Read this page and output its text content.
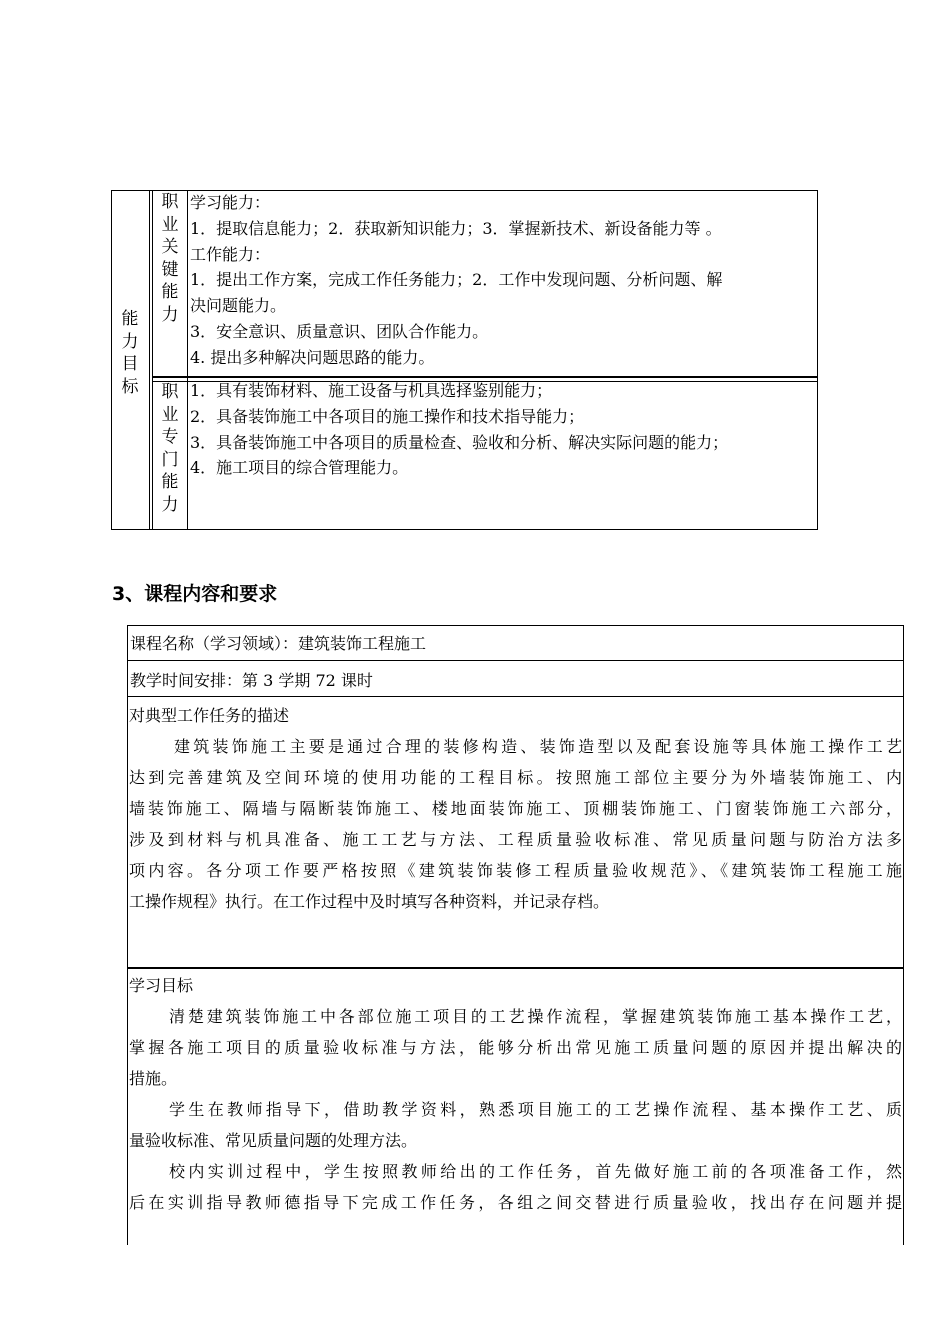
能
力
目
标
职
业
关
键
能
力
学习能力：
1．提取信息能力；2．获取新知识能力；3．掌握新技术、新设备能力等 。
工作能力：
1．提出工作方案，完成工作任务能力；2．工作中发现问题、分析问题、解
决问题能力。
3．安全意识、质量意识、团队合作能力。
4. 提出多种解决问题思路的能力。
职
业
专
门
能
力
1．具有装饰材料、施工设备与机具选择鉴别能力；
2．具备装饰施工中各项目的施工操作和技术指导能力；
3．具备装饰施工中各项目的质量检查、验收和分析、解决实际问题的能力；
4．施工项目的综合管理能力。
3、课程内容和要求
课程名称（学习领域）：建筑装饰工程施工
教学时间安排：第 3 学期 72 课时
对典型工作任务的描述
建筑装饰施工主要是通过合理的装修构造、装饰造型以及配套设施等具体施工操作工艺
达到完善建筑及空间环境的使用功能的工程目标。按照施工部位主要分为外墙装饰施工、内
墙装饰施工、隔墙与隔断装饰施工、楼地面装饰施工、顶棚装饰施工、门窗装饰施工六部分，
涉及到材料与机具准备、施工工艺与方法、工程质量验收标准、常见质量问题与防治方法多
项内容。各分项工作要严格按照《建筑装饰装修工程质量验收规范》、《建筑装饰工程施工施
工操作规程》执行。在工作过程中及时填写各种资料，并记录存档。
学习目标
清楚建筑装饰施工中各部位施工项目的工艺操作流程，掌握建筑装饰施工基本操作工艺，
掌握各施工项目的质量验收标准与方法，能够分析出常见施工质量问题的原因并提出解决的
措施。
学生在教师指导下，借助教学资料，熟悉项目施工的工艺操作流程、基本操作工艺、质
量验收标准、常见质量问题的处理方法。
校内实训过程中，学生按照教师给出的工作任务，首先做好施工前的各项准备工作，然
后在实训指导教师德指导下完成工作任务，各组之间交替进行质量验收，找出存在问题并提
